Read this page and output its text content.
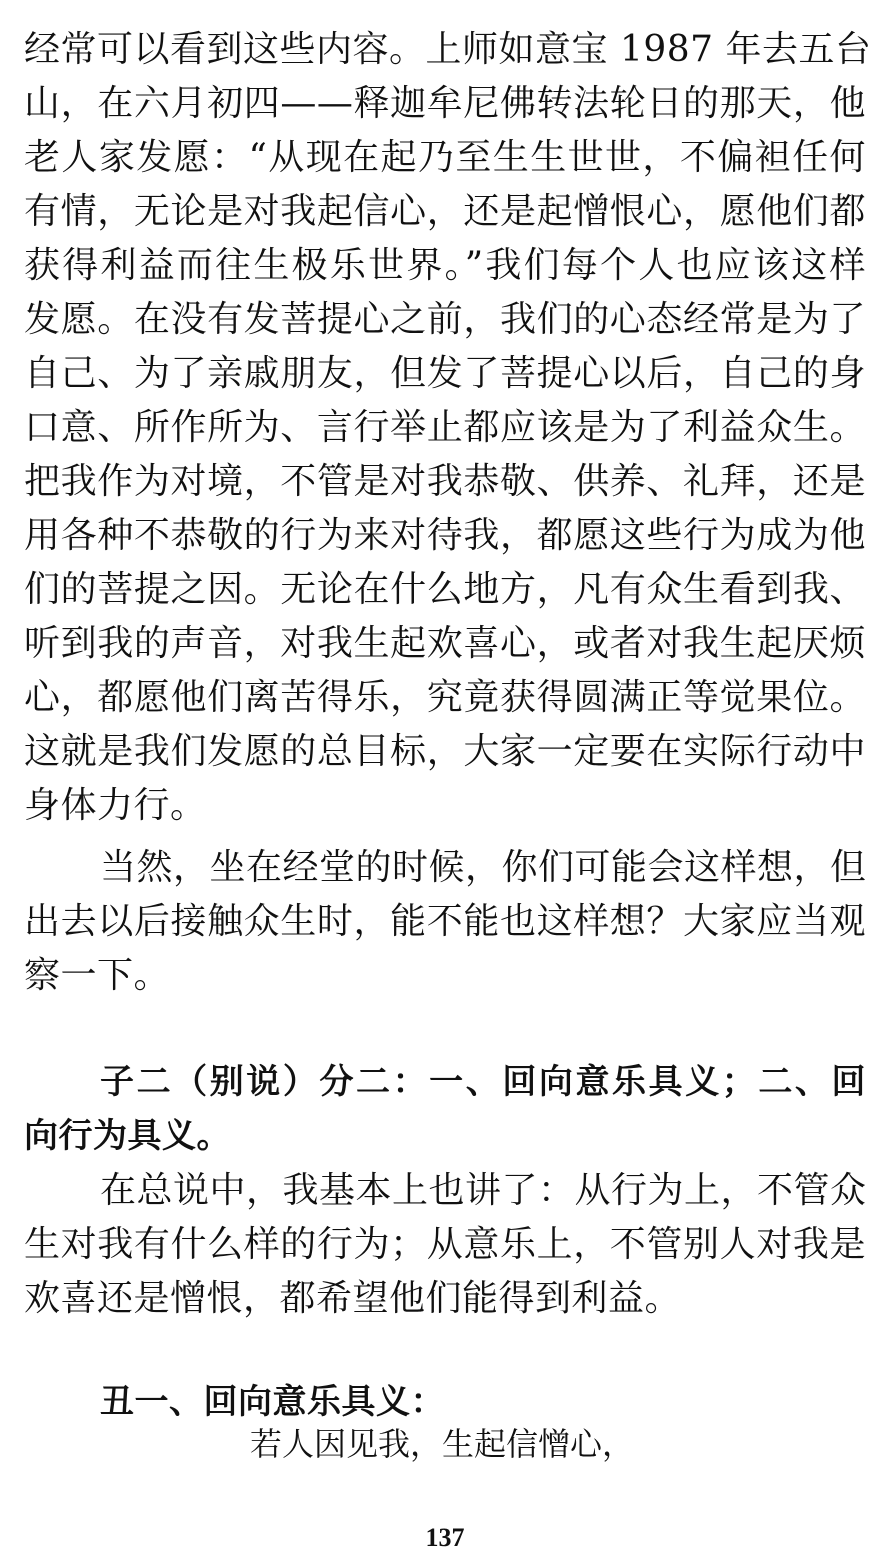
经常可以看到这些内容。上师如意宝 1987 年去五台
山，在六月初四——释迦牟尼佛转法轮日的那天，他
老人家发愿：“从现在起乃至生生世世，不偏袒任何
有情，无论是对我起信心，还是起憎恨心，愿他们都
获得利益而往生极乐世界。”我们每个人也应该这样
发愿。在没有发菩提心之前，我们的心态经常是为了
自己、为了亲戚朋友，但发了菩提心以后，自己的身
口意、所作所为、言行举止都应该是为了利益众生。
把我作为对境，不管是对我恭敬、供养、礼拜，还是
用各种不恭敬的行为来对待我，都愿这些行为成为他
们的菩提之因。无论在什么地方，凡有众生看到我、
听到我的声音，对我生起欢喜心，或者对我生起厌烦
心，都愿他们离苦得乐，究竟获得圆满正等觉果位。
这就是我们发愿的总目标，大家一定要在实际行动中
身体力行。
当然，坐在经堂的时候，你们可能会这样想，但
出去以后接触众生时，能不能也这样想？大家应当观
察一下。
子二（别说）分二：一、回向意乐具义；二、回
向行为具义。
在总说中，我基本上也讲了：从行为上，不管众
生对我有什么样的行为；从意乐上，不管别人对我是
欢喜还是憎恨，都希望他们能得到利益。
丑一、回向意乐具义：
若人因见我，生起信憎心，
137
